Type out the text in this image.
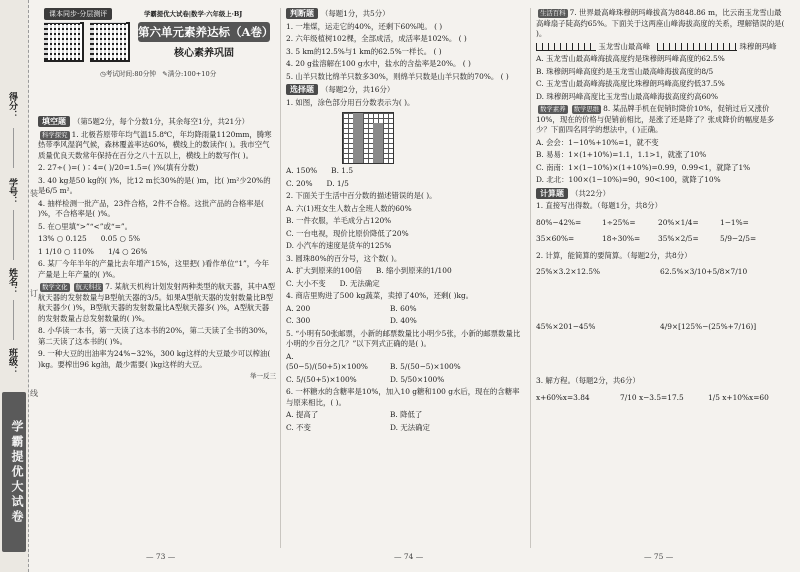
得分：
学号：
姓名：
班级：
学霸提优大试卷
装
订
线
课本同步·分层测评	学霸提优大试卷|数学·六年级上·BJ
第六单元素养达标（A卷）
核心素养巩固
◷考试时间:80分钟 ✎满分:100+10分

填空题 （第5题2分，每个分数1分，其余每空1分，共21分）

科学探究 1. 北极苔原带年均气温15.8℃，年均降雨量1120mm，腾寒热带季风湿润气候，森林覆盖率达60%，横线上的数读作( )。我市空气质量优良天数常年保持在百分之八十五以上，横线上的数写作( )。

2. 27÷( )=( )∶4=( )/20=1.5=( )%(填有分数)

3. 40 kg是50 kg的( )%，比12 m长30%的是( )m，比( )m²少20%的是6/5 m²。

4. 抽样检测一批产品，23件合格，2件不合格。这批产品的合格率是( )%，不合格率是( )%。

5. 在○里填“>”“<”或“=”。

13% ○ 0.125 0.05 ○ 5%

1 1/10 ○ 110% 1/4 ○ 26%

6. 某厂今年半年的产量比去年增产15%，这里把( )看作单位“1”，今年产量是上年产量的( )%。

数学文化 航天科技 7. 某航天机构计划发射两种类型的航天器，其中A型航天器的发射数量与B型航天器的3/5。如果A型航天器的发射数量比B型航天器少( )%，B型航天器的发射数量比A型航天器多( )%，A型航天器的发射数量占总发射数量的( )%。

8. 小华读一本书，第一天读了这本书的20%，第二天读了全书的30%，第二天读了这本书的( )%。

9. 一种大豆的出油率为24%~32%，300 kg这样的大豆最少可以榨油( )kg。要榨出96 kg油，最少需要( )kg这样的大豆。

举一反三

判断题 （每题1分，共5分）

1. 一堆煤，运走它的40%，还剩下60%吨。 ( )

2. 六年级植树102棵，全部成活，成活率是102%。 ( )

3. 5 km的12.5%与1 km的62.5%一样长。 ( )

4. 20 g盐溶解在100 g水中，盐水的含盐率是20%。 ( )

5. 山羊只数比绵羊只数多30%，则绵羊只数是山羊只数的70%。 ( )

选择题 （每题2分，共16分）

1. 如图，涂色部分用百分数表示为( )。

A. 150% B. 1.5

C. 20% D. 1/5

2. 下面关于生活中百分数的描述错误的是( )。

A. 六(1)班女生人数占全班人数的60%

B. 一件衣服，羊毛成分占120%

C. 一台电视，现价比原价降低了20%

D. 小汽车的速度是货车的125%

3. 圆珠80%的百分号，这个数( )。

A. 扩大到原来的100倍 B. 缩小到原来的1/100

C. 大小不变 D. 无法确定

4. 商店里购进了500 kg蔬菜，卖掉了40%，还剩( )kg。

A. 200	B. 60%

C. 300	D. 40%

5. “小明有50张邮票，小新的邮票数量比小明少5张，小新的邮票数量比小明的少百分之几？”以下列式正确的是( )。

A. (50−5)/(50+5)×100%	B. 5/(50−5)×100%

C. 5/(50+5)×100%	D. 5/50×100%

6. 一杯糖水的含糖率是10%，加入10 g糖和100 g水后，现在的含糖率与原来相比，( )。

A. 提高了	B. 降低了

C. 不变	D. 无法确定

生活百科 7. 世界最高峰珠穆朗玛峰拔高为8848.86 m，比云南玉龙雪山最高峰扇子陡高约65%。下面关于这两座山峰海拔高度的关系，理解错误的是( )。

玉龙雪山最高峰	珠穆朗玛峰

A. 玉龙雪山最高峰海拔高度约是珠穆朗玛峰高度的62.5%

B. 珠穆朗玛峰高度约是玉龙雪山最高峰海拔高度的8/5

C. 玉龙雪山最高峰海拔高度比珠穆朗玛峰高度约低37.5%

D. 珠穆朗玛峰高度比玉龙雪山最高峰海拔高度约高60%

数学素养 数学思维 8. 某品牌手机在促销时降价10%，促销过后又涨价10%，现在的价格与促销前相比，是涨了还是降了？张成降价的幅度是多少？下面四名同学的想法中，( )正确。

A. 会会：1−10%+10%=1，就不变

B. 易易：1×(1+10%)=1.1，1.1>1，就涨了10%

C. 南南：1×(1−10%)×(1+10%)=0.99，0.99<1，就降了1%

D. 北北：100×(1−10%)=90，90<100，就降了10%

计算题 （共22分）

1. 直接写出得数。（每题1分，共8分）

80%−42%=	1÷25%=	20%×1/4=	1−1%=

35×60%=	18÷30%= 35%×2/5=	5/9−2/5=

2. 计算，能简算的要简算。（每题2分，共8分）

25%×3.2×12.5%	62.5%×3/10+5/8×7/10

45%×201−45%	4/9×[125%−(25%+7/16)]

3. 解方程。（每题2分，共6分）

x+60%x=3.84	7/10 x−3.5=17.5	1/5 x+10%x=60

— 73 —	— 74 —	— 75 —
